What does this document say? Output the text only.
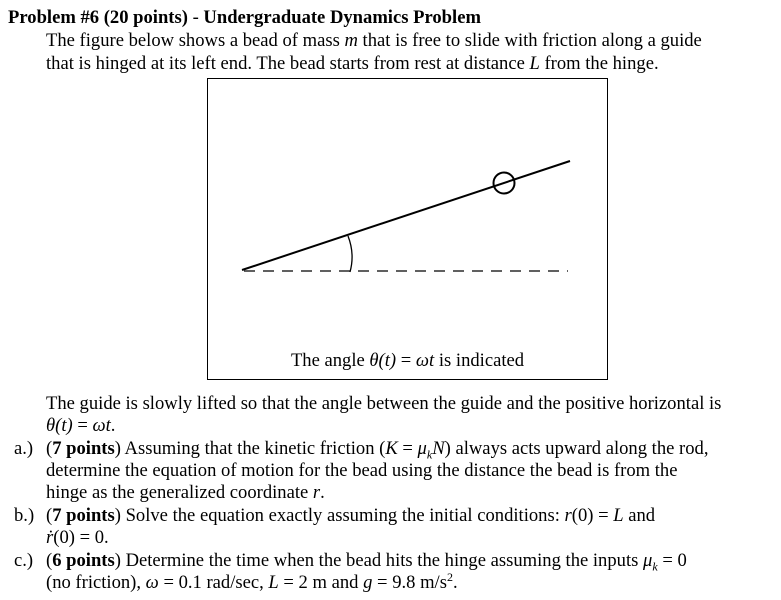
Problem #6 (20 points) - Undergraduate Dynamics Problem
The figure below shows a bead of mass m that is free to slide with friction along a guide
that is hinged at its left end. The bead starts from rest at distance L from the hinge.
The angle θ(t) = ωt is indicated
The guide is slowly lifted so that the angle between the guide and the positive horizontal is
θ(t) = ωt.
a.) (7 points) Assuming that the kinetic friction $(K = \mu_kN)$ always acts upward along the rod,
determine the equation of motion for the bead using the distance the bead is from the
hinge as the generalized coordinate r.
b.) (7 points) Solve the equation exactly assuming the initial conditions: r(0) = L and
ṙ(0) = 0.
c.) (6 points) Determine the time when the bead hits the hinge assuming the inputs $\mu_k = 0$
(no friction), ω = 0.1 rad/sec, L = 2 m and g = 9.8 $m/s^2$.
